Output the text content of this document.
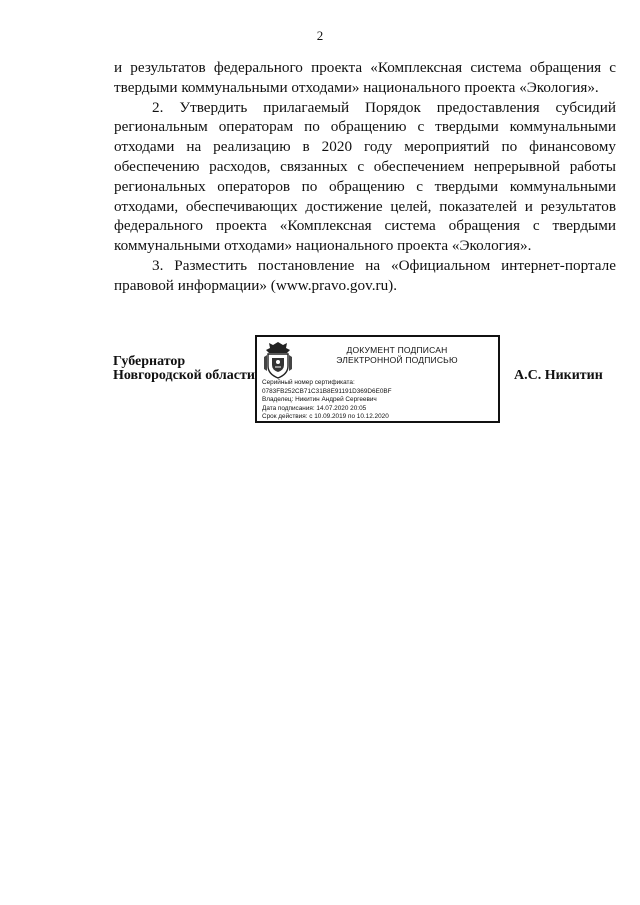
2

и результатов федерального проекта «Комплексная система обращения с твердыми коммунальными отходами» национального проекта «Экология».

2. Утвердить прилагаемый Порядок предоставления субсидий региональным операторам по обращению с твердыми коммунальными отходами на реализацию в 2020 году мероприятий по финансовому обеспечению расходов, связанных с обеспечением непрерывной работы региональных операторов по обращению с твердыми коммунальными отходами, обеспечивающих достижение целей, показателей и результатов федерального проекта «Комплексная система обращения с твердыми коммунальными отходами» национального проекта «Экология».

3. Разместить постановление на «Официальном интернет-портале правовой информации» (www.pravo.gov.ru).

Губернатор
Новгородской области
ДОКУМЕНТ ПОДПИСАН
ЭЛЕКТРОННОЙ ПОДПИСЬЮ
Серийный номер сертификата:
0783FB252CB71C31B8E91191D369D6E0BF
Владелец: Никитин Андрей Сергеевич
Дата подписания: 14.07.2020 20:05
Срок действия: с 10.09.2019 по 10.12.2020
А.С. Никитин
